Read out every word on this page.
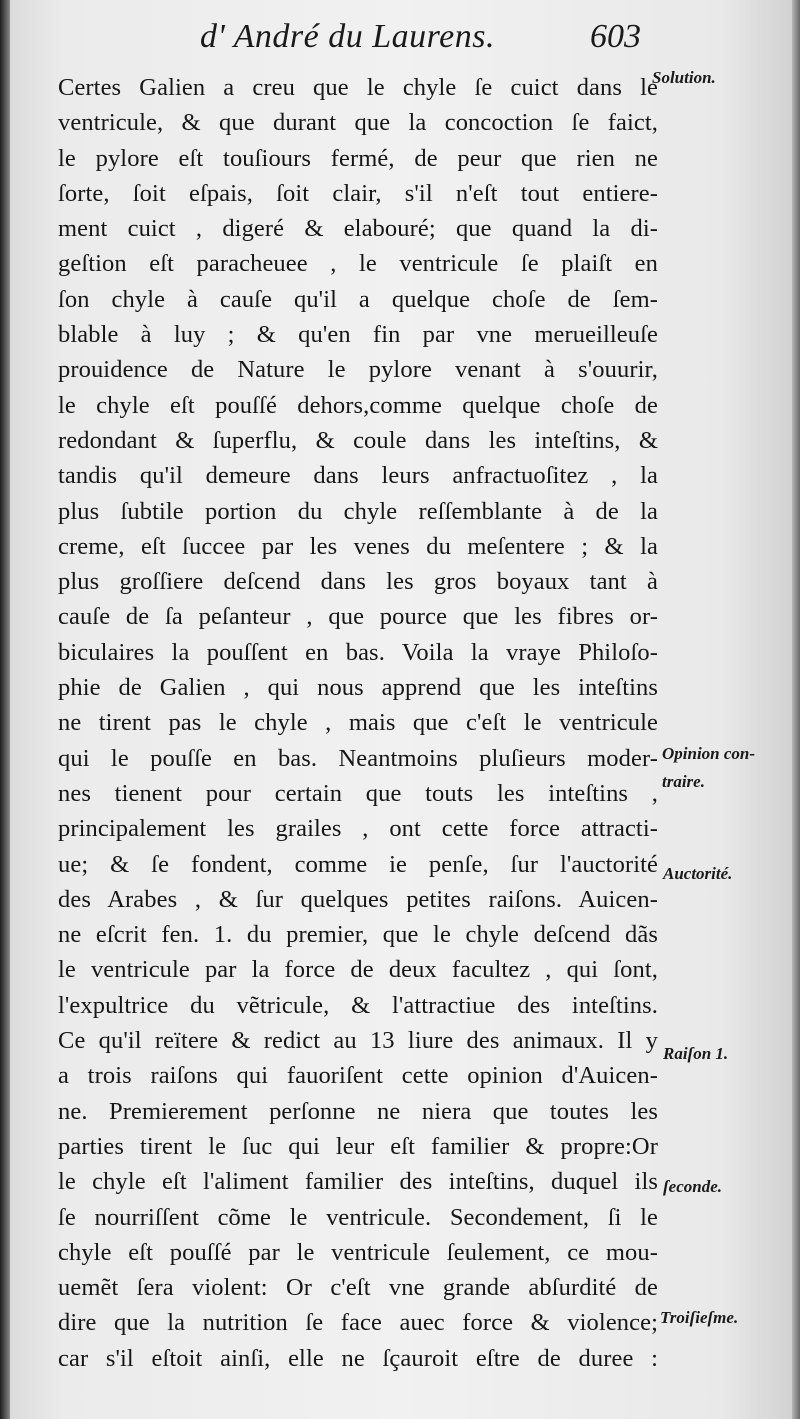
d' André du Laurens.	603
Certes Galien a creu que le chyle ſe cuict dans le
ventricule, & que durant que la concoction ſe faict,
le pylore eſt touſiours fermé, de peur que rien ne
ſorte, ſoit eſpais, ſoit clair, s'il n'eſt tout entiere-
ment cuict , digeré & elabouré; que quand la di-
geſtion eſt paracheuee , le ventricule ſe plaiſt en
ſon chyle à cauſe qu'il a quelque choſe de ſem-
blable à luy ; & qu'en fin par vne merueilleuſe
prouidence de Nature le pylore venant à s'ouurir,
le chyle eſt pouſſé dehors,comme quelque choſe de
redondant & ſuperflu, & coule dans les inteſtins, &
tandis qu'il demeure dans leurs anfractuoſitez , la
plus ſubtile portion du chyle reſſemblante à de la
creme, eſt ſuccee par les venes du meſentere ; & la
plus groſſiere deſcend dans les gros boyaux tant à
cauſe de ſa peſanteur , que pource que les fibres or-
biculaires la pouſſent en bas. Voila la vraye Philoſo-
phie de Galien , qui nous apprend que les inteſtins
ne tirent pas le chyle , mais que c'eſt le ventricule
qui le pouſſe en bas. Neantmoins pluſieurs moder-
nes tienent pour certain que touts les inteſtins ,
principalement les grailes , ont cette force attracti-
ue; & ſe fondent, comme ie penſe, ſur l'auctorité
des Arabes , & ſur quelques petites raiſons. Auicen-
ne eſcrit fen. 1. du premier, que le chyle deſcend dãs
le ventricule par la force de deux facultez , qui ſont,
l'expultrice du vẽtricule, & l'attractiue des inteſtins.
Ce qu'il reïtere & redict au 13 liure des animaux. Il y
a trois raiſons qui fauoriſent cette opinion d'Auicen-
ne. Premierement perſonne ne niera que toutes les
parties tirent le ſuc qui leur eſt familier & propre:Or
le chyle eſt l'aliment familier des inteſtins, duquel ils
ſe nourriſſent cõme le ventricule. Secondement, ſi le
chyle eſt pouſſé par le ventricule ſeulement, ce mou-
uemẽt ſera violent: Or c'eſt vne grande abſurdité de
dire que la nutrition ſe face auec force & violence;
car s'il eſtoit ainſi, elle ne ſçauroit eſtre de duree :
Solution.
Opinion con-traire.
Auctorité.
Raiſon 1.
ſeconde.
Troiſieſme.
